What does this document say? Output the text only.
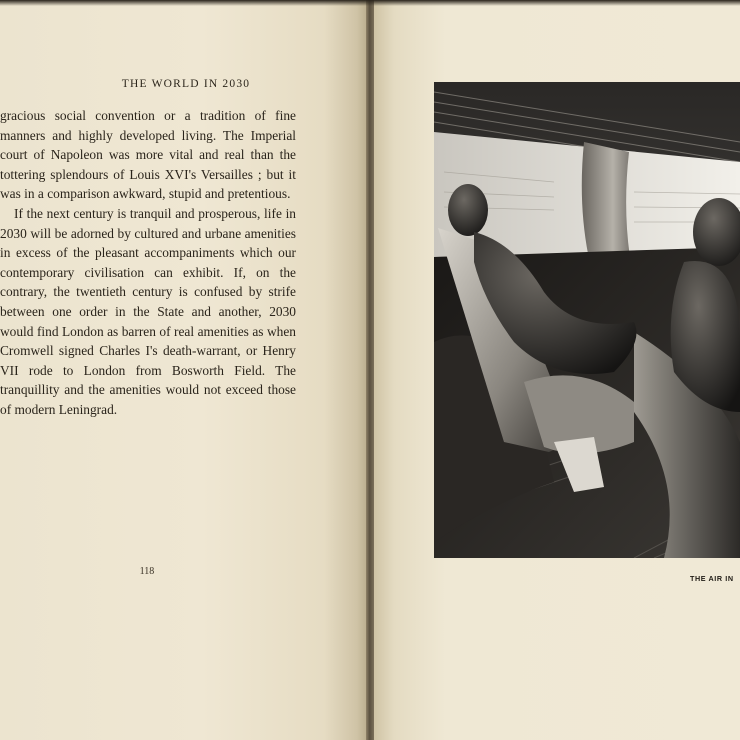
THE WORLD IN 2030

gracious social convention or a tradition of fine manners and highly developed living. The Imperial court of Napoleon was more vital and real than the tottering splendours of Louis XVI's Versailles ; but it was in a comparison awkward, stupid and pretentious.

If the next century is tranquil and prosperous, life in 2030 will be adorned by cultured and urbane amenities in excess of the pleasant accompaniments which our contemporary civilisation can exhibit. If, on the contrary, the twentieth century is confused by strife between one order in the State and another, 2030 would find London as barren of real amenities as when Cromwell signed Charles I's death-warrant, or Henry VII rode to London from Bosworth Field. The tranquillity and the amenities would not exceed those of modern Leningrad.

118
THE AIR IN
